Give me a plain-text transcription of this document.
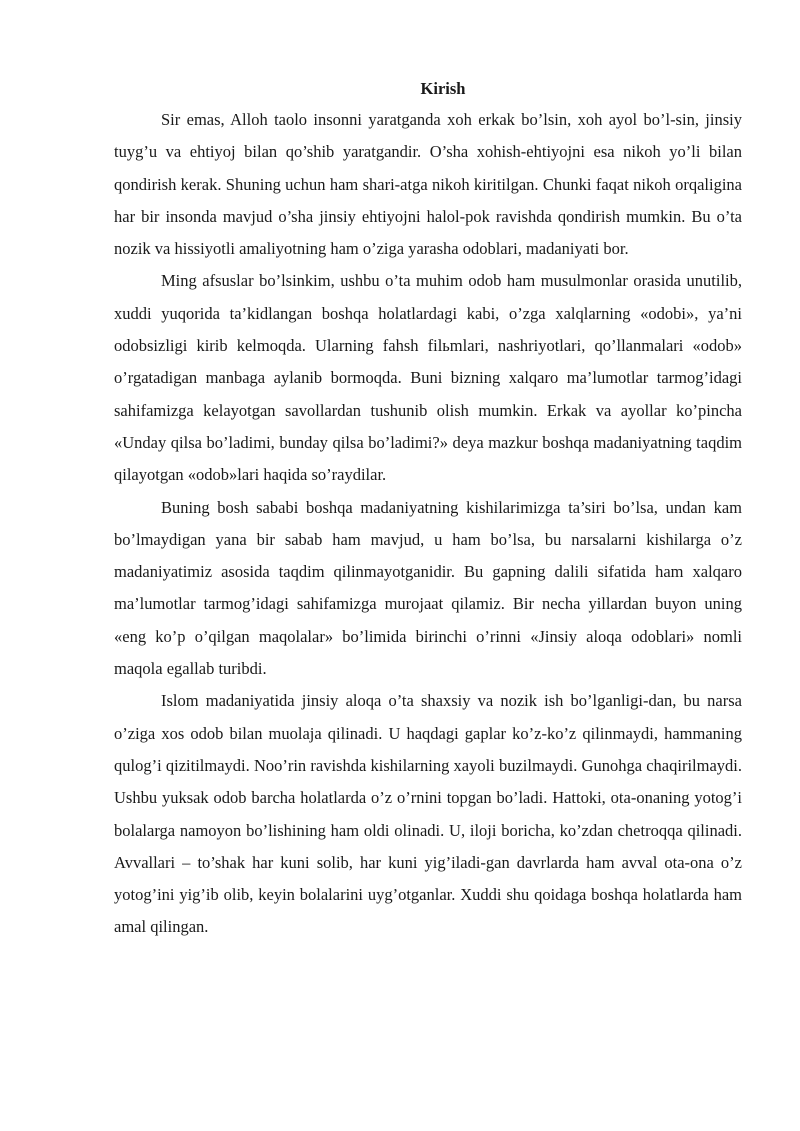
Kirish

Sir emas, Alloh taolo insonni yaratganda xoh erkak bo’lsin, xoh ayol bo’l-sin, jinsiy tuyg’u va ehtiyoj bilan qo’shib yaratgandir. O’sha xohish-ehtiyojni esa nikoh yo’li bilan qondirish kerak. Shuning uchun ham shari-atga nikoh kiritilgan. Chunki faqat nikoh orqaligina har bir insonda mavjud o’sha jinsiy ehtiyojni halol-pok ravishda qondirish mumkin. Bu o’ta nozik va hissiyotli amaliyotning ham o’ziga yarasha odoblari, madaniyati bor.

Ming afsuslar bo’lsinkim, ushbu o’ta muhim odob ham musulmonlar orasida unutilib, xuddi yuqorida ta’kidlangan boshqa holatlardagi kabi, o’zga xalqlarning «odobi», ya’ni odobsizligi kirib kelmoqda. Ularning fahsh filьmlari, nashriyotlari, qo’llanmalari «odob» o’rgatadigan manbaga aylanib bormoqda. Buni bizning xalqaro ma’lumotlar tarmog’idagi sahifamizga kelayotgan savollardan tushunib olish mumkin. Erkak va ayollar ko’pincha «Unday qilsa bo’ladimi, bunday qilsa bo’ladimi?» deya mazkur boshqa madaniyatning taqdim qilayotgan «odob»lari haqida so’raydilar.

Buning bosh sababi boshqa madaniyatning kishilarimizga ta’siri bo’lsa, undan kam bo’lmaydigan yana bir sabab ham mavjud, u ham bo’lsa, bu narsalarni kishilarga o’z madaniyatimiz asosida taqdim qilinmayotganidir. Bu gapning dalili sifatida ham xalqaro ma’lumotlar tarmog’idagi sahifamizga murojaat qilamiz. Bir necha yillardan buyon uning «eng ko’p o’qilgan maqolalar» bo’limida birinchi o’rinni «Jinsiy aloqa odoblari» nomli maqola egallab turibdi.

Islom madaniyatida jinsiy aloqa o’ta shaxsiy va nozik ish bo’lganligi-dan, bu narsa o’ziga xos odob bilan muolaja qilinadi. U haqdagi gaplar ko’z-ko’z qilinmaydi, hammaning qulog’i qizitilmaydi. Noo’rin ravishda kishilarning xayoli buzilmaydi. Gunohga chaqirilmaydi. Ushbu yuksak odob barcha holatlarda o’z o’rnini topgan bo’ladi. Hattoki, ota-onaning yotog’i bolalarga namoyon bo’lishining ham oldi olinadi. U, iloji boricha, ko’zdan chetroqqa qilinadi. Avvallari – to’shak har kuni solib, har kuni yig’iladi-gan davrlarda ham avval ota-ona o’z yotog’ini yig’ib olib, keyin bolalarini uyg’otganlar. Xuddi shu qoidaga boshqa holatlarda ham amal qilingan.
